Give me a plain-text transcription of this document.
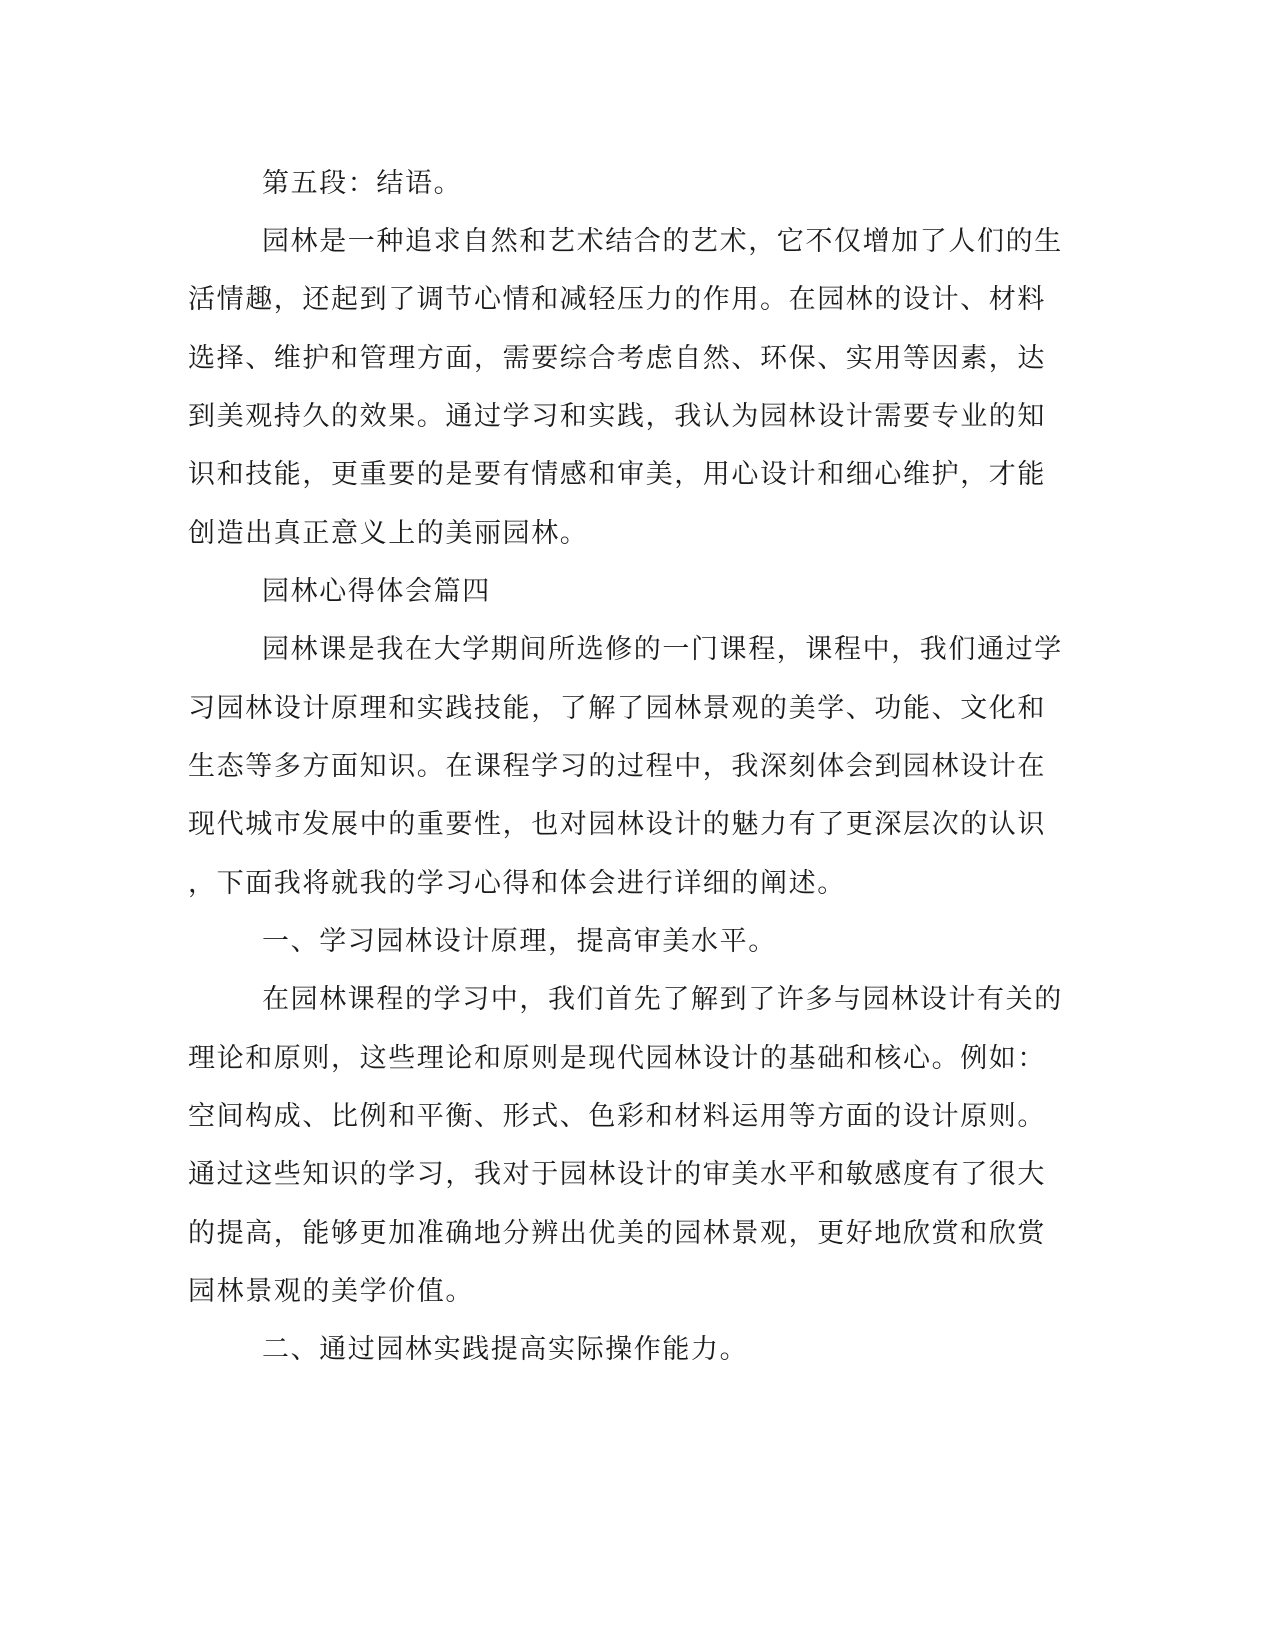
第五段：结语。
园林是一种追求自然和艺术结合的艺术，它不仅增加了人们的生
活情趣，还起到了调节心情和减轻压力的作用。在园林的设计、材料
选择、维护和管理方面，需要综合考虑自然、环保、实用等因素，达
到美观持久的效果。通过学习和实践，我认为园林设计需要专业的知
识和技能，更重要的是要有情感和审美，用心设计和细心维护，才能
创造出真正意义上的美丽园林。
园林心得体会篇四
园林课是我在大学期间所选修的一门课程，课程中，我们通过学
习园林设计原理和实践技能，了解了园林景观的美学、功能、文化和
生态等多方面知识。在课程学习的过程中，我深刻体会到园林设计在
现代城市发展中的重要性，也对园林设计的魅力有了更深层次的认识
，下面我将就我的学习心得和体会进行详细的阐述。
一、学习园林设计原理，提高审美水平。
在园林课程的学习中，我们首先了解到了许多与园林设计有关的
理论和原则，这些理论和原则是现代园林设计的基础和核心。例如：
空间构成、比例和平衡、形式、色彩和材料运用等方面的设计原则。
通过这些知识的学习，我对于园林设计的审美水平和敏感度有了很大
的提高，能够更加准确地分辨出优美的园林景观，更好地欣赏和欣赏
园林景观的美学价值。
二、通过园林实践提高实际操作能力。
